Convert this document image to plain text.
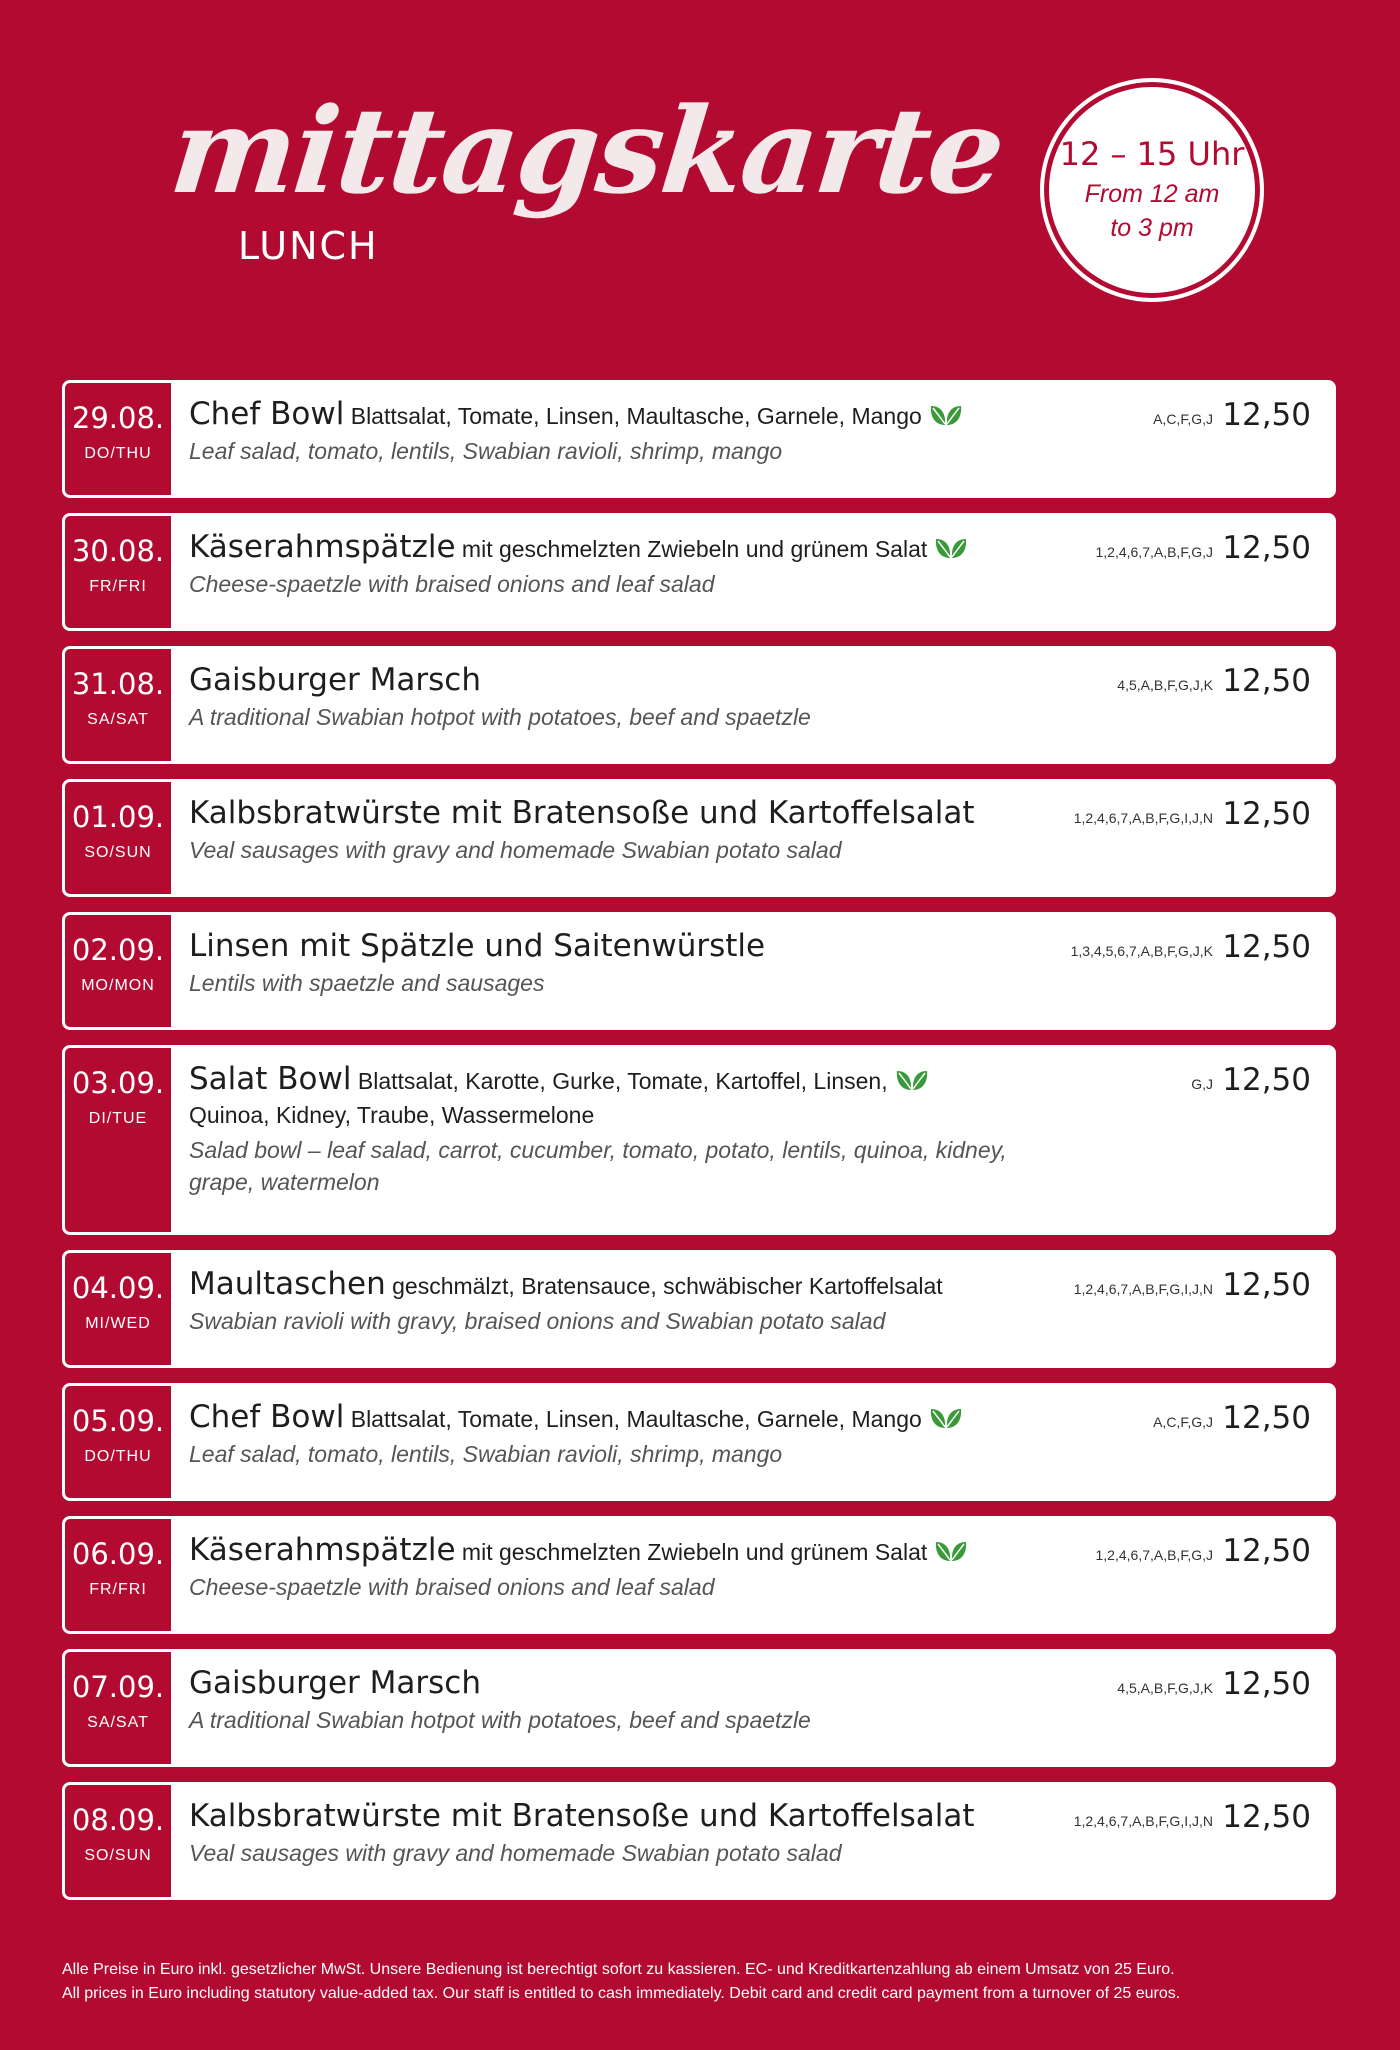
mittagskarte
LUNCH
12 – 15 Uhr
From 12 am
to 3 pm
29.08.
DO/THU
Chef Bowl Blattsalat, Tomate, Linsen, Maultasche, Garnele, Mango
Leaf salad, tomato, lentils, Swabian ravioli, shrimp, mango
A,C,F,G,J 12,50
30.08.
FR/FRI
Käserahmspätzle mit geschmelzten Zwiebeln und grünem Salat
Cheese-spaetzle with braised onions and leaf salad
1,2,4,6,7,A,B,F,G,J 12,50
31.08.
SA/SAT
Gaisburger Marsch
A traditional Swabian hotpot with potatoes, beef and spaetzle
4,5,A,B,F,G,J,K 12,50
01.09.
SO/SUN
Kalbsbratwürste mit Bratensoße und Kartoffelsalat
Veal sausages with gravy and homemade Swabian potato salad
1,2,4,6,7,A,B,F,G,I,J,N 12,50
02.09.
MO/MON
Linsen mit Spätzle und Saitenwürstle
Lentils with spaetzle and sausages
1,3,4,5,6,7,A,B,F,G,J,K 12,50
03.09.
DI/TUE
Salat Bowl Blattsalat, Karotte, Gurke, Tomate, Kartoffel, Linsen,
Quinoa, Kidney, Traube, Wassermelone
Salad bowl – leaf salad, carrot, cucumber, tomato, potato, lentils, quinoa, kidney, grape, watermelon
G,J 12,50
04.09.
MI/WED
Maultaschen geschmälzt, Bratensauce, schwäbischer Kartoffelsalat
Swabian ravioli with gravy, braised onions and Swabian potato salad
1,2,4,6,7,A,B,F,G,I,J,N 12,50
05.09.
DO/THU
Chef Bowl Blattsalat, Tomate, Linsen, Maultasche, Garnele, Mango
Leaf salad, tomato, lentils, Swabian ravioli, shrimp, mango
A,C,F,G,J 12,50
06.09.
FR/FRI
Käserahmspätzle mit geschmelzten Zwiebeln und grünem Salat
Cheese-spaetzle with braised onions and leaf salad
1,2,4,6,7,A,B,F,G,J 12,50
07.09.
SA/SAT
Gaisburger Marsch
A traditional Swabian hotpot with potatoes, beef and spaetzle
4,5,A,B,F,G,J,K 12,50
08.09.
SO/SUN
Kalbsbratwürste mit Bratensoße und Kartoffelsalat
Veal sausages with gravy and homemade Swabian potato salad
1,2,4,6,7,A,B,F,G,I,J,N 12,50
Alle Preise in Euro inkl. gesetzlicher MwSt. Unsere Bedienung ist berechtigt sofort zu kassieren. EC- und Kreditkartenzahlung ab einem Umsatz von 25 Euro.
All prices in Euro including statutory value-added tax. Our staff is entitled to cash immediately. Debit card and credit card payment from a turnover of 25 euros.
